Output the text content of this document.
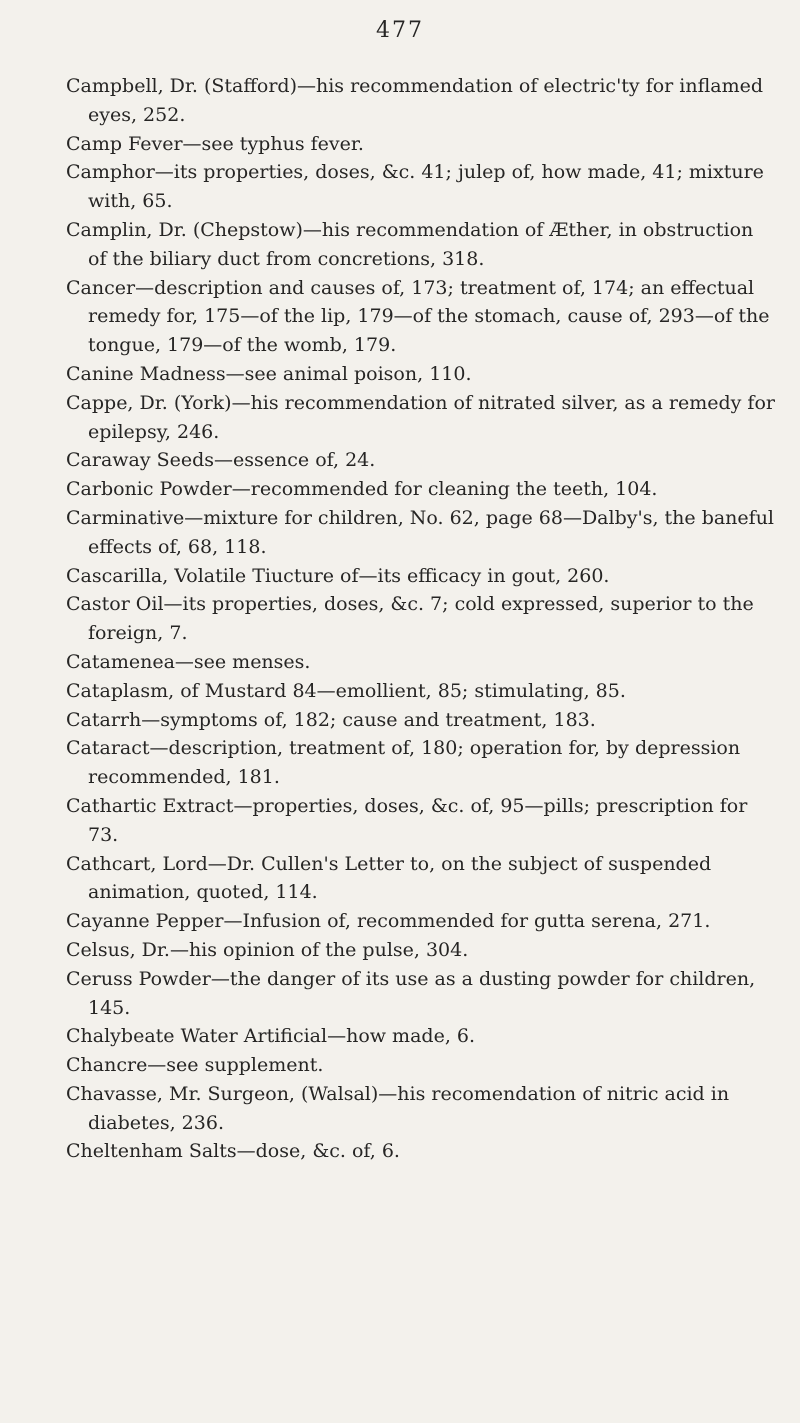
477
Campbell, Dr. (Stafford)—his recommendation of electric'ty for inflamed eyes, 252.
Camp Fever—see typhus fever.
Camphor—its properties, doses, &c. 41; julep of, how made, 41; mixture with, 65.
Camplin, Dr. (Chepstow)—his recommendation of Æther, in obstruction of the biliary duct from concretions, 318.
Cancer—description and causes of, 173; treatment of, 174; an effectual remedy for, 175—of the lip, 179—of the stomach, cause of, 293—of the tongue, 179—of the womb, 179.
Canine Madness—see animal poison, 110.
Cappe, Dr. (York)—his recommendation of nitrated silver, as a remedy for epilepsy, 246.
Caraway Seeds—essence of, 24.
Carbonic Powder—recommended for cleaning the teeth, 104.
Carminative—mixture for children, No. 62, page 68—Dalby's, the baneful effects of, 68, 118.
Cascarilla, Volatile Tiucture of—its efficacy in gout, 260.
Castor Oil—its properties, doses, &c. 7; cold expressed, superior to the foreign, 7.
Catamenea—see menses.
Cataplasm, of Mustard 84—emollient, 85; stimulating, 85.
Catarrh—symptoms of, 182; cause and treatment, 183.
Cataract—description, treatment of, 180; operation for, by depression recommended, 181.
Cathartic Extract—properties, doses, &c. of, 95—pills; prescription for 73.
Cathcart, Lord—Dr. Cullen's Letter to, on the subject of suspended animation, quoted, 114.
Cayanne Pepper—Infusion of, recommended for gutta serena, 271.
Celsus, Dr.—his opinion of the pulse, 304.
Ceruss Powder—the danger of its use as a dusting powder for children, 145.
Chalybeate Water Artificial—how made, 6.
Chancre—see supplement.
Chavasse, Mr. Surgeon, (Walsal)—his recomendation of nitric acid in diabetes, 236.
Cheltenham Salts—dose, &c. of, 6.
